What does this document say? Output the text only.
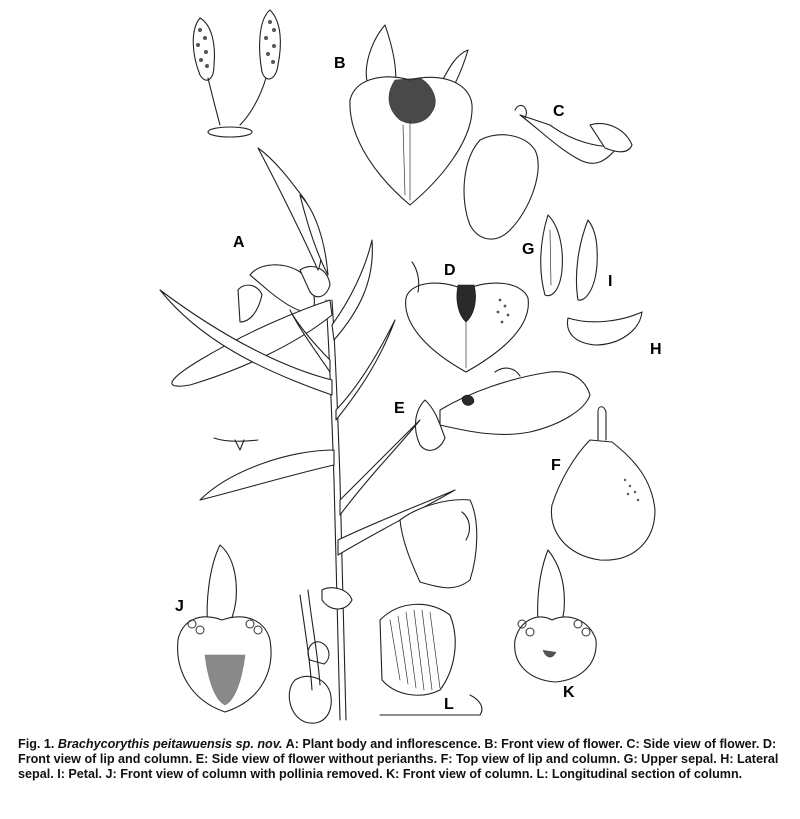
A
B
C
D
E
F
G
H
I
J
K
L
Fig. 1. Brachycorythis peitawuensis sp. nov. A: Plant body and inflorescence. B: Front view of flower. C: Side view of flower. D: Front view of lip and column. E: Side view of flower without perianths. F: Top view of lip and column. G: Upper sepal. H: Lateral sepal. I: Petal. J: Front view of column with pollinia removed. K: Front view of column. L: Longitudinal section of column.
